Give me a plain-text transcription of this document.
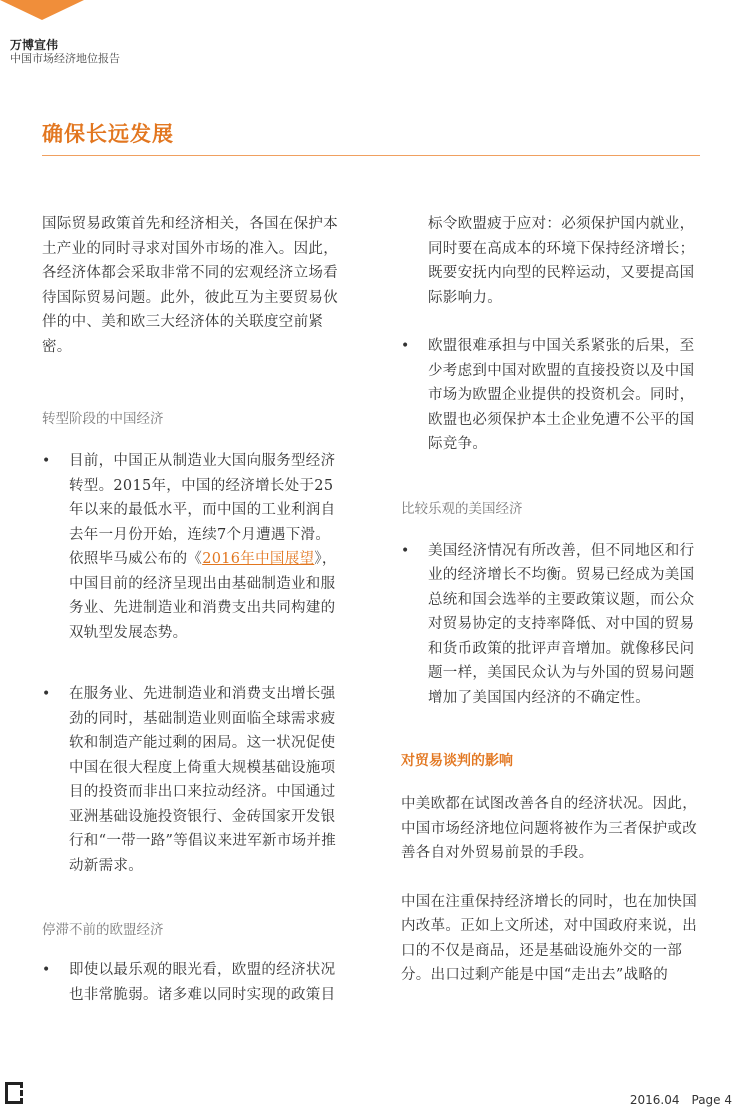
万博宣伟
中国市场经济地位报告
确保长远发展

国际贸易政策首先和经济相关，各国在保护本土产业的同时寻求对国外市场的准入。因此，各经济体都会采取非常不同的宏观经济立场看待国际贸易问题。此外，彼此互为主要贸易伙伴的中、美和欧三大经济体的关联度空前紧密。

转型阶段的中国经济

• 目前，中国正从制造业大国向服务型经济转型。2015年，中国的经济增长处于25年以来的最低水平，而中国的工业利润自去年一月份开始，连续7个月遭遇下滑。依照毕马威公布的《2016年中国展望》，中国目前的经济呈现出由基础制造业和服务业、先进制造业和消费支出共同构建的双轨型发展态势。

• 在服务业、先进制造业和消费支出增长强劲的同时，基础制造业则面临全球需求疲软和制造产能过剩的困局。这一状况促使中国在很大程度上倚重大规模基础设施项目的投资而非出口来拉动经济。中国通过亚洲基础设施投资银行、金砖国家开发银行和“一带一路”等倡议来进军新市场并推动新需求。

停滞不前的欧盟经济

• 即使以最乐观的眼光看，欧盟的经济状况也非常脆弱。诸多难以同时实现的政策目

标令欧盟疲于应对：必须保护国内就业，同时要在高成本的环境下保持经济增长；既要安抚内向型的民粹运动，又要提高国际影响力。

• 欧盟很难承担与中国关系紧张的后果，至少考虑到中国对欧盟的直接投资以及中国市场为欧盟企业提供的投资机会。同时，欧盟也必须保护本土企业免遭不公平的国际竞争。

比较乐观的美国经济

• 美国经济情况有所改善，但不同地区和行业的经济增长不均衡。贸易已经成为美国总统和国会选举的主要政策议题，而公众对贸易协定的支持率降低、对中国的贸易和货币政策的批评声音增加。就像移民问题一样，美国民众认为与外国的贸易问题增加了美国国内经济的不确定性。

对贸易谈判的影响

中美欧都在试图改善各自的经济状况。因此，中国市场经济地位问题将被作为三者保护或改善各自对外贸易前景的手段。

中国在注重保持经济增长的同时，也在加快国内改革。正如上文所述，对中国政府来说，出口的不仅是商品，还是基础设施外交的一部分。出口过剩产能是中国“走出去”战略的

2016.04 Page 4
